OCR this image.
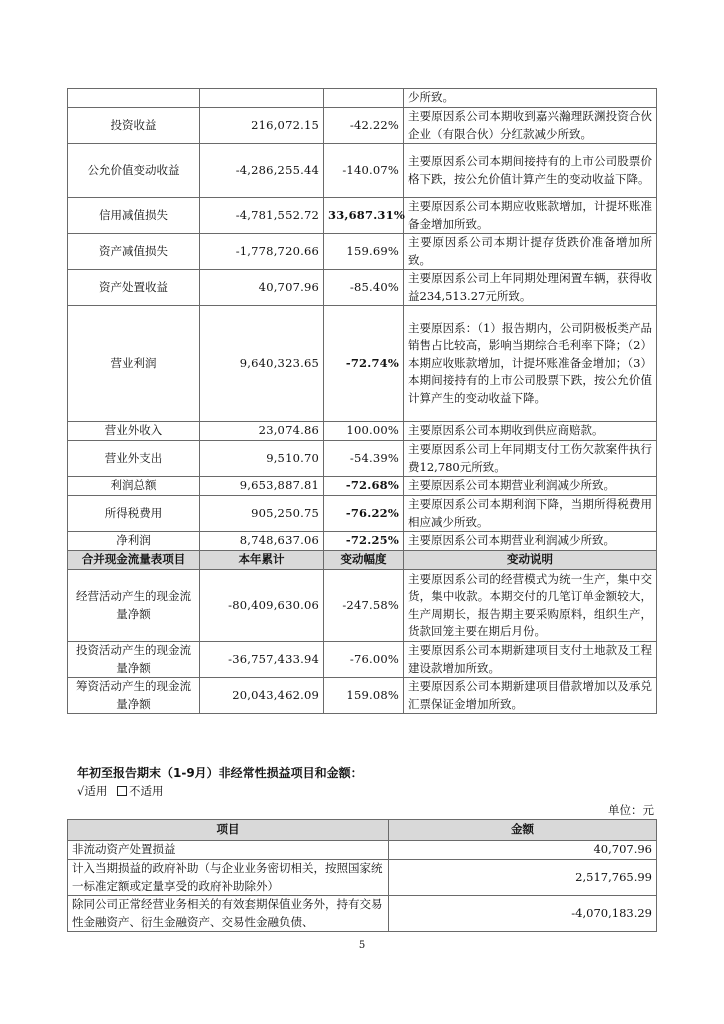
			少所致。
投资收益	216,072.15	-42.22%	主要原因系公司本期收到嘉兴瀚理跃渊投资合伙企业（有限合伙）分红款减少所致。
公允价值变动收益	-4,286,255.44	-140.07%	主要原因系公司本期间接持有的上市公司股票价格下跌，按公允价值计算产生的变动收益下降。
信用减值损失	-4,781,552.72	33,687.31%	主要原因系公司本期应收账款增加，计提坏账准备金增加所致。
资产减值损失	-1,778,720.66	159.69%	主要原因系公司本期计提存货跌价准备增加所致。
资产处置收益	40,707.96	-85.40%	主要原因系公司上年同期处理闲置车辆，获得收益234,513.27元所致。
营业利润	9,640,323.65	-72.74%	主要原因系：（1）报告期内，公司阴极板类产品销售占比较高，影响当期综合毛利率下降；（2）本期应收账款增加，计提坏账准备金增加；（3）本期间接持有的上市公司股票下跌，按公允价值计算产生的变动收益下降。
营业外收入	23,074.86	100.00%	主要原因系公司本期收到供应商赔款。
营业外支出	9,510.70	-54.39%	主要原因系公司上年同期支付工伤欠款案件执行费12,780元所致。
利润总额	9,653,887.81	-72.68%	主要原因系公司本期营业利润减少所致。
所得税费用	905,250.75	-76.22%	主要原因系公司本期利润下降，当期所得税费用相应减少所致。
净利润	8,748,637.06	-72.25%	主要原因系公司本期营业利润减少所致。
合并现金流量表项目	本年累计	变动幅度	变动说明
经营活动产生的现金流量净额	-80,409,630.06	-247.58%	主要原因系公司的经营模式为统一生产，集中交货，集中收款。本期交付的几笔订单金额较大，生产周期长，报告期主要采购原料，组织生产，货款回笼主要在期后月份。
投资活动产生的现金流量净额	-36,757,433.94	-76.00%	主要原因系公司本期新建项目支付土地款及工程建设款增加所致。
筹资活动产生的现金流量净额	20,043,462.09	159.08%	主要原因系公司本期新建项目借款增加以及承兑汇票保证金增加所致。
年初至报告期末（1-9月）非经常性损益项目和金额：
√适用 不适用
单位：元
项目	金额
非流动资产处置损益	40,707.96
计入当期损益的政府补助（与企业业务密切相关，按照国家统一标准定额或定量享受的政府补助除外）	2,517,765.99
除同公司正常经营业务相关的有效套期保值业务外，持有交易性金融资产、衍生金融资产、交易性金融负债、	-4,070,183.29
5
